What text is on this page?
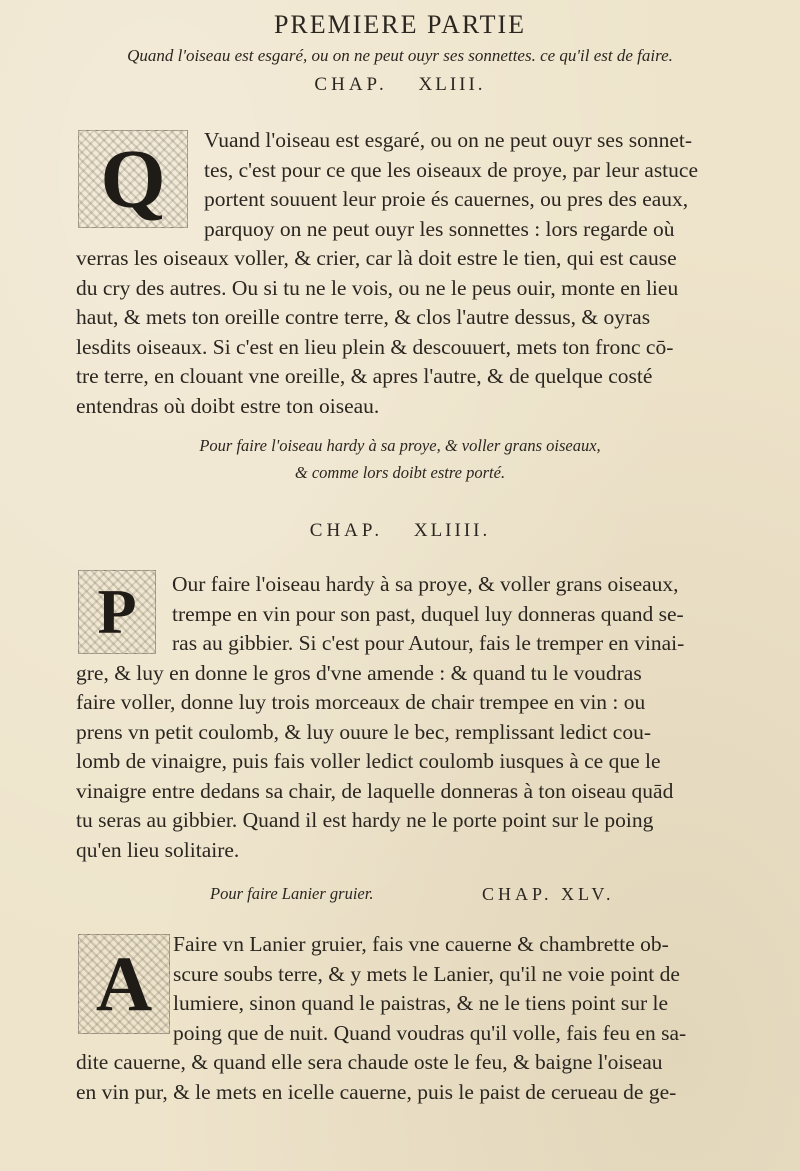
PREMIERE PARTIE
Quand l'oiseau est esgaré, ou on ne peut ouyr ses sonnettes. ce qu'il est de faire.
CHAP. XLIII.
Q	Vuand l'oiseau est esgaré, ou on ne peut ouyr ses sonnet-
tes, c'est pour ce que les oiseaux de proye, par leur astuce
portent souuent leur proie és cauernes, ou pres des eaux,
parquoy on ne peut ouyr les sonnettes : lors regarde où
verras les oiseaux voller, & crier, car là doit estre le tien, qui est cause
du cry des autres. Ou si tu ne le vois, ou ne le peus ouir, monte en lieu
haut, & mets ton oreille contre terre, & clos l'autre dessus, & oyras
lesdits oiseaux. Si c'est en lieu plein & descouuert, mets ton fronc cō-
tre terre, en clouant vne oreille, & apres l'autre, & de quelque costé
entendras où doibt estre ton oiseau.
Pour faire l'oiseau hardy à sa proye, & voller grans oiseaux,
& comme lors doibt estre porté.
CHAP. XLIIII.
P	Our faire l'oiseau hardy à sa proye, & voller grans oiseaux,
trempe en vin pour son past, duquel luy donneras quand se-
ras au gibbier. Si c'est pour Autour, fais le tremper en vinai-
gre, & luy en donne le gros d'vne amende : & quand tu le voudras
faire voller, donne luy trois morceaux de chair trempee en vin : ou
prens vn petit coulomb, & luy ouure le bec, remplissant ledict cou-
lomb de vinaigre, puis fais voller ledict coulomb iusques à ce que le
vinaigre entre dedans sa chair, de laquelle donneras à ton oiseau quād
tu seras au gibbier. Quand il est hardy ne le porte point sur le poing
qu'en lieu solitaire.
Pour faire Lanier gruier.	CHAP. XLV.
A Faire vn Lanier gruier, fais vne cauerne & chambrette ob-
scure soubs terre, & y mets le Lanier, qu'il ne voie point de
lumiere, sinon quand le paistras, & ne le tiens point sur le
poing que de nuit. Quand voudras qu'il volle, fais feu en sa-
dite cauerne, & quand elle sera chaude oste le feu, & baigne l'oiseau
en vin pur, & le mets en icelle cauerne, puis le paist de cerueau de ge-
